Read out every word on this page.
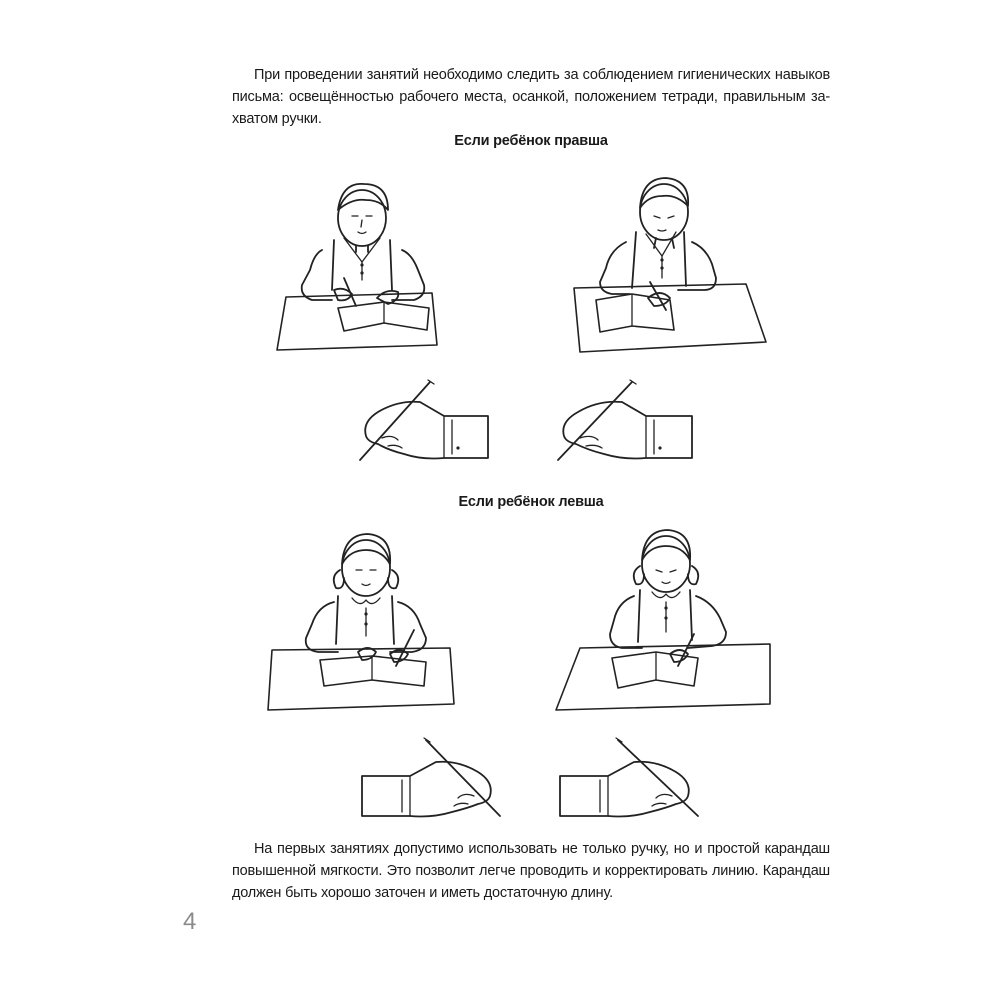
При проведении занятий необходимо следить за соблюдением гигиенических навыков письма: освещённостью рабочего места, осанкой, положением тетради, правильным за-хватом ручки.

Если ребёнок правша

Если ребёнок левша

На первых занятиях допустимо использовать не только ручку, но и простой карандаш повышенной мягкости. Это позволит легче проводить и корректировать линию. Карандаш должен быть хорошо заточен и иметь достаточную длину.

4
